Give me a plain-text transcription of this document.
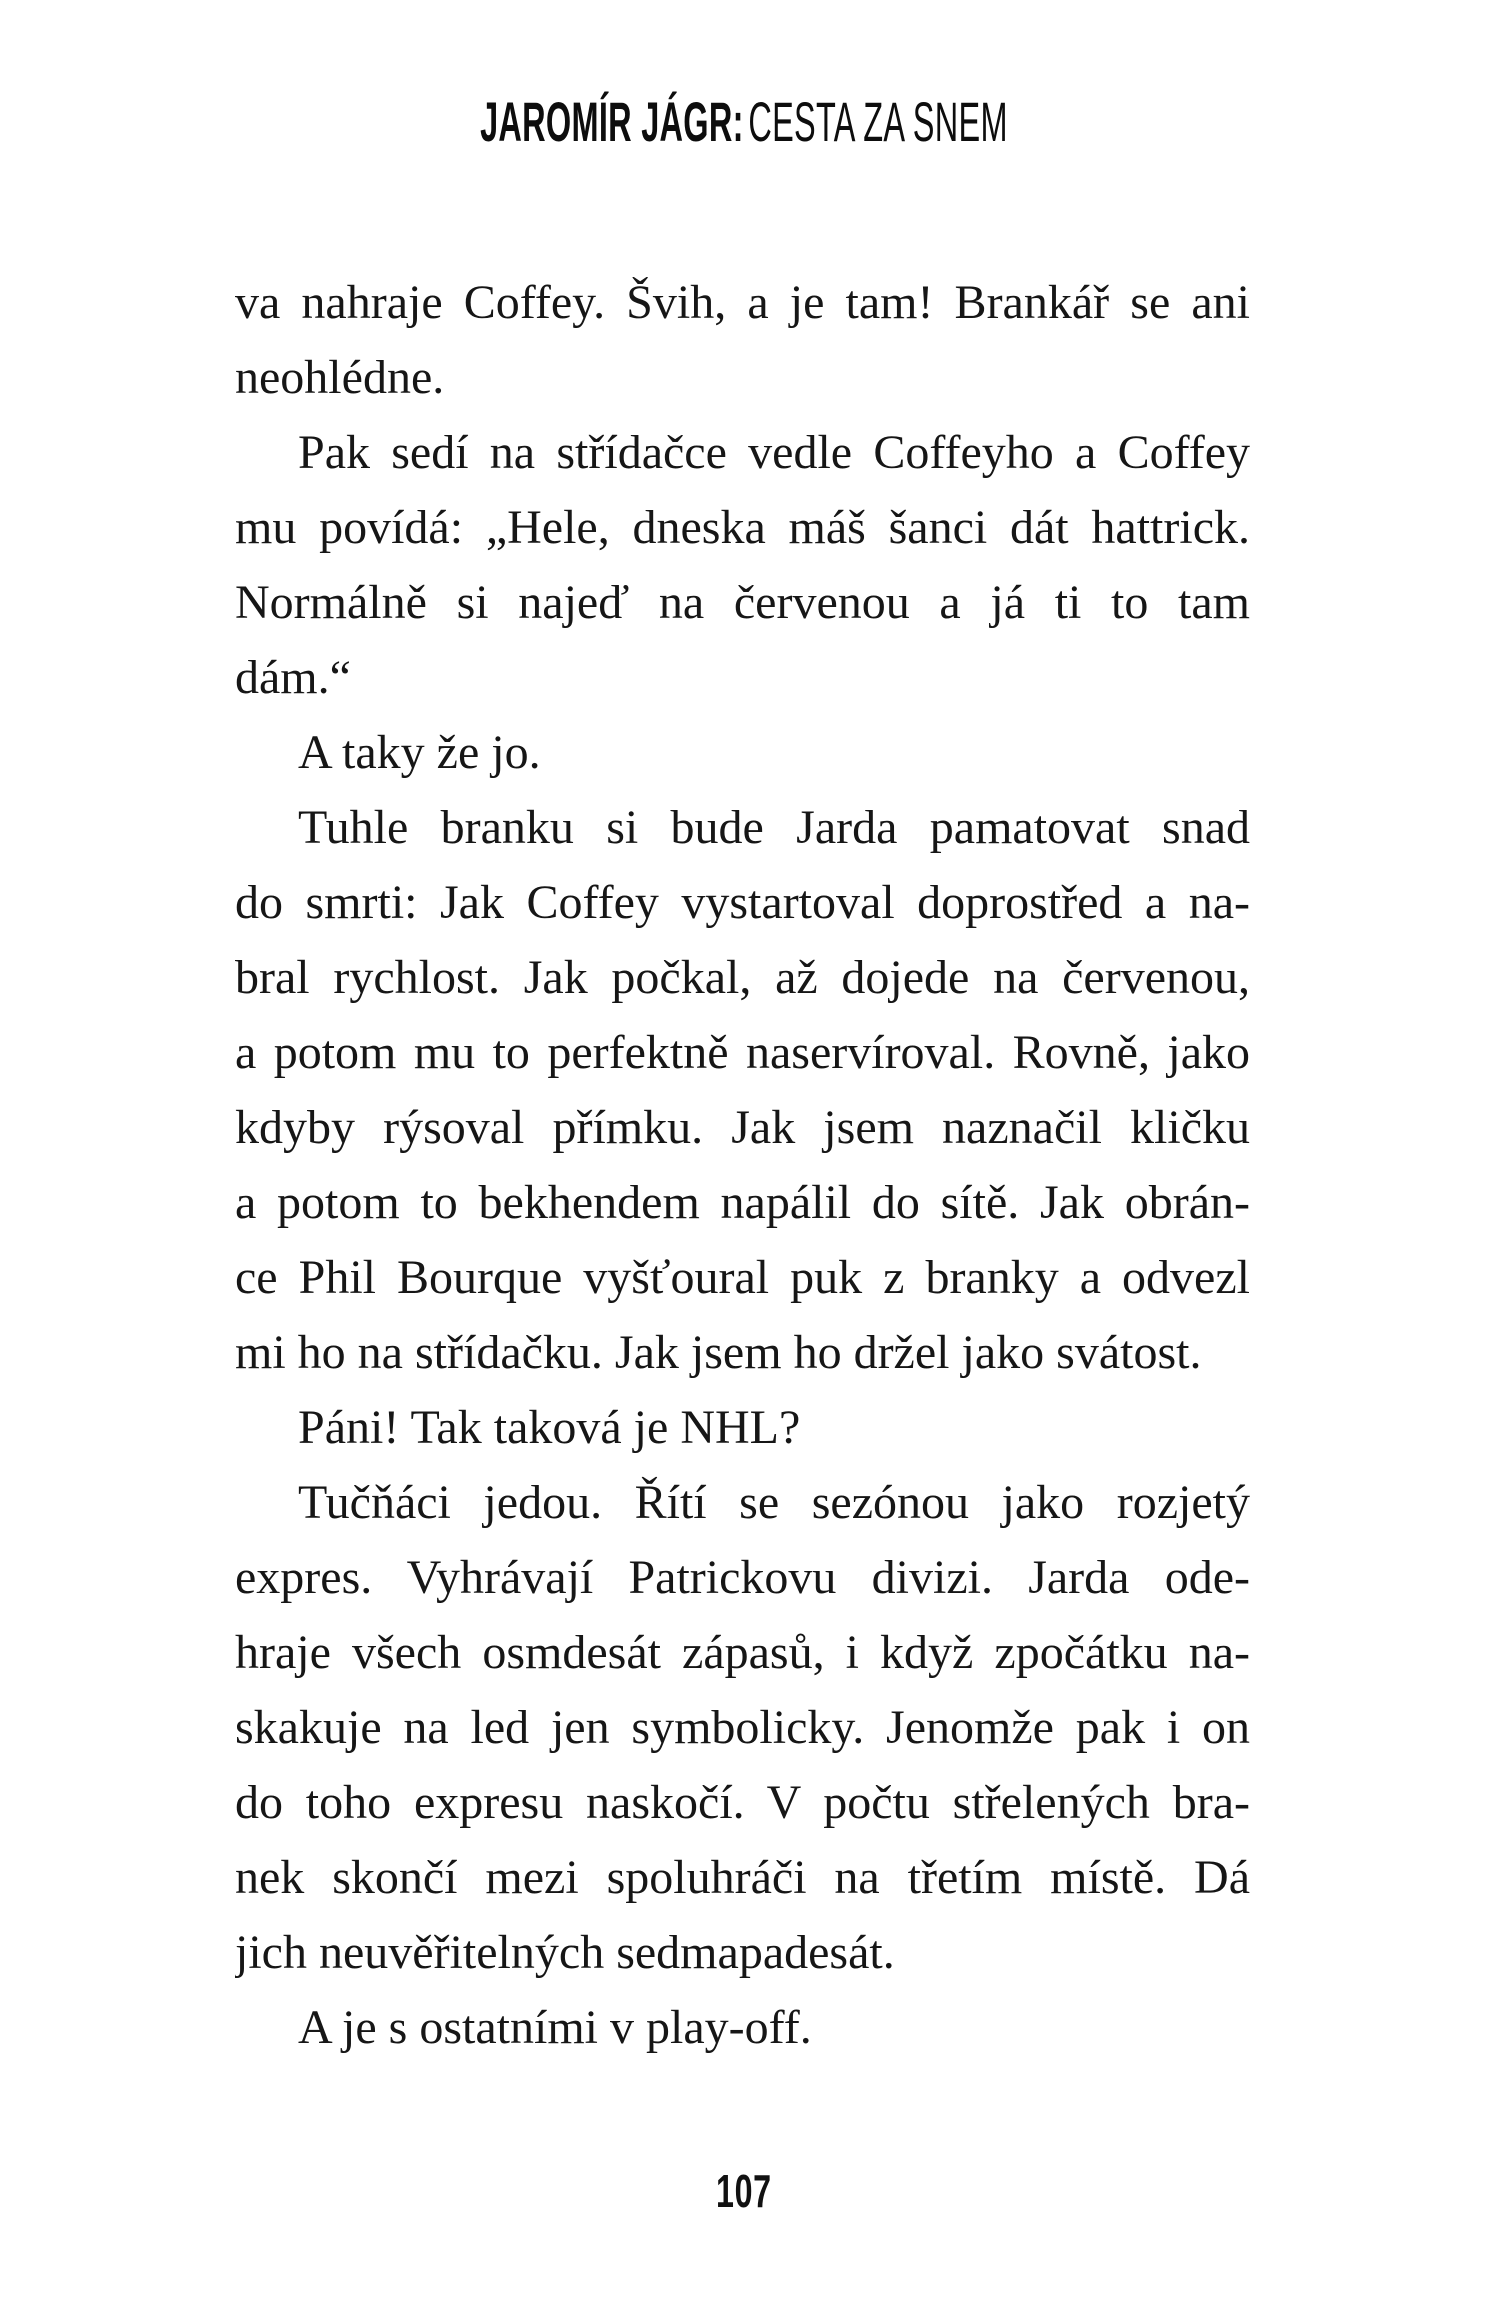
JAROMÍR JÁGR:CESTA ZA SNEM
va nahraje Coffey. Švih, a je tam! Brankář se ani
neohlédne.
Pak sedí na střídačce vedle Coffeyho a Coffey
mu povídá: „Hele, dneska máš šanci dát hattrick.
Normálně si najeď na červenou a já ti to tam
dám.“
A taky že jo.
Tuhle branku si bude Jarda pamatovat snad
do smrti: Jak Coffey vystartoval doprostřed a na-
bral rychlost. Jak počkal, až dojede na červenou,
a potom mu to perfektně naservíroval. Rovně, jako
kdyby rýsoval přímku. Jak jsem naznačil kličku
a potom to bekhendem napálil do sítě. Jak obrán-
ce Phil Bourque vyšťoural puk z branky a odvezl
mi ho na střídačku. Jak jsem ho držel jako svátost.
Páni! Tak taková je NHL?
Tučňáci jedou. Řítí se sezónou jako rozjetý
expres. Vyhrávají Patrickovu divizi. Jarda ode-
hraje všech osmdesát zápasů, i když zpočátku na-
skakuje na led jen symbolicky. Jenomže pak i on
do toho expresu naskočí. V počtu střelených bra-
nek skončí mezi spoluhráči na třetím místě. Dá
jich neuvěřitelných sedmapadesát.
A je s ostatními v play-off.
107
